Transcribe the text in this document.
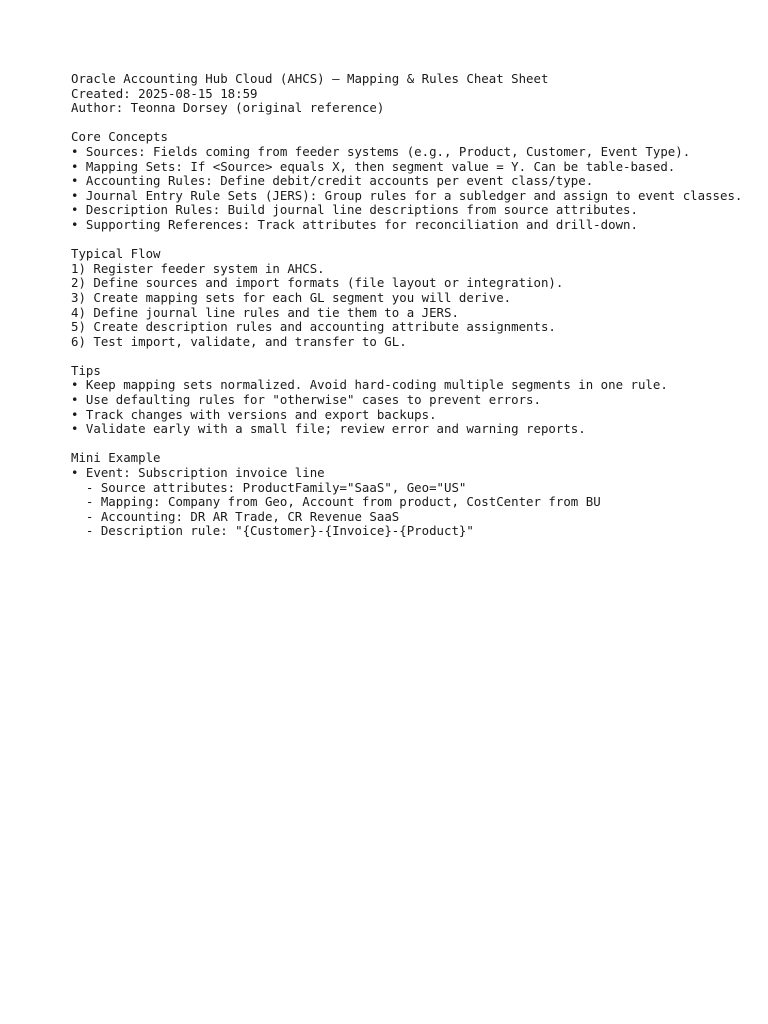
Oracle Accounting Hub Cloud (AHCS) — Mapping & Rules Cheat Sheet
Created: 2025-08-15 18:59
Author: Teonna Dorsey (original reference)
Core Concepts
• Sources: Fields coming from feeder systems (e.g., Product, Customer, Event Type).
• Mapping Sets: If <Source> equals X, then segment value = Y. Can be table-based.
• Accounting Rules: Define debit/credit accounts per event class/type.
• Journal Entry Rule Sets (JERS): Group rules for a subledger and assign to event classes.
• Description Rules: Build journal line descriptions from source attributes.
• Supporting References: Track attributes for reconciliation and drill-down.
Typical Flow
1) Register feeder system in AHCS.
2) Define sources and import formats (file layout or integration).
3) Create mapping sets for each GL segment you will derive.
4) Define journal line rules and tie them to a JERS.
5) Create description rules and accounting attribute assignments.
6) Test import, validate, and transfer to GL.
Tips
• Keep mapping sets normalized. Avoid hard-coding multiple segments in one rule.
• Use defaulting rules for "otherwise" cases to prevent errors.
• Track changes with versions and export backups.
• Validate early with a small file; review error and warning reports.
Mini Example
• Event: Subscription invoice line
- Source attributes: ProductFamily="SaaS", Geo="US"
- Mapping: Company from Geo, Account from product, CostCenter from BU
- Accounting: DR AR Trade, CR Revenue SaaS
- Description rule: "{Customer}-{Invoice}-{Product}"
